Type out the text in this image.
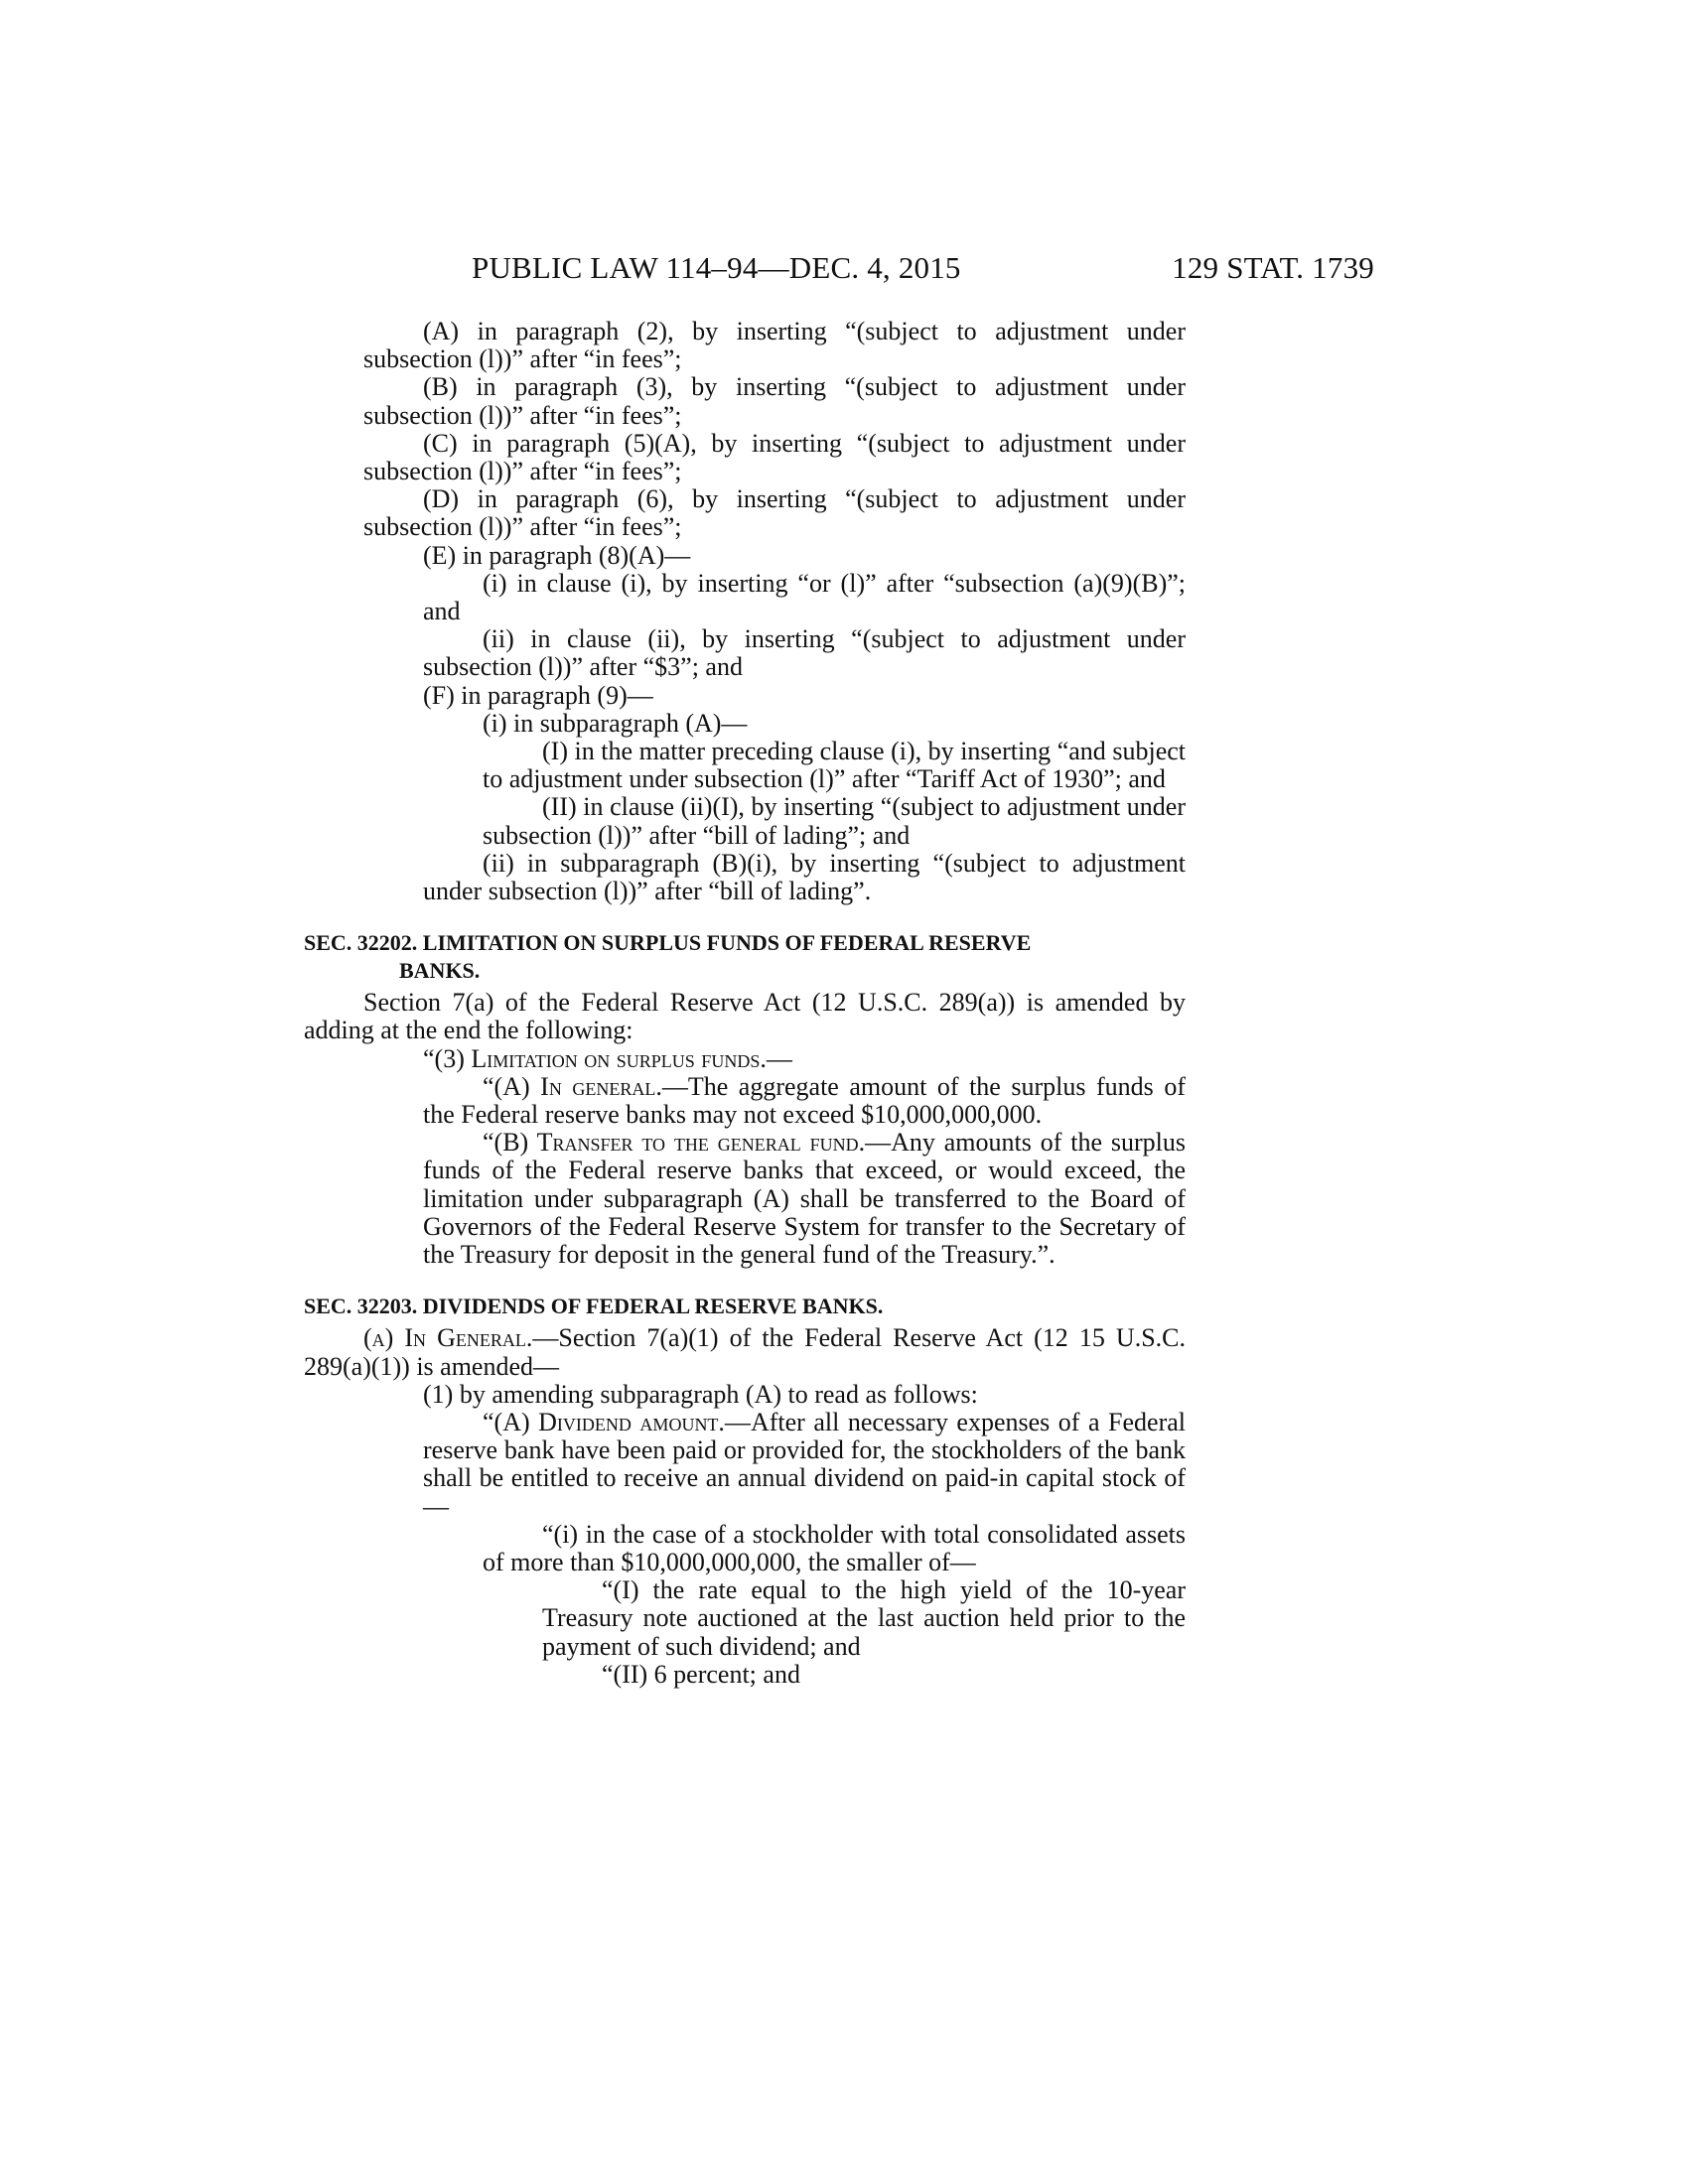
PUBLIC LAW 114–94—DEC. 4, 2015	129 STAT. 1739

(A) in paragraph (2), by inserting “(subject to adjustment under subsection (l))” after “in fees”;

(B) in paragraph (3), by inserting “(subject to adjustment under subsection (l))” after “in fees”;

(C) in paragraph (5)(A), by inserting “(subject to adjustment under subsection (l))” after “in fees”;

(D) in paragraph (6), by inserting “(subject to adjustment under subsection (l))” after “in fees”;

(E) in paragraph (8)(A)—

(i) in clause (i), by inserting “or (l)” after “subsection (a)(9)(B)”; and

(ii) in clause (ii), by inserting “(subject to adjustment under subsection (l))” after “$3”; and

(F) in paragraph (9)—

(i) in subparagraph (A)—

(I) in the matter preceding clause (i), by inserting “and subject to adjustment under subsection (l)” after “Tariff Act of 1930”; and

(II) in clause (ii)(I), by inserting “(subject to adjustment under subsection (l))” after “bill of lading”; and

(ii) in subparagraph (B)(i), by inserting “(subject to adjustment under subsection (l))” after “bill of lading”.

SEC. 32202. LIMITATION ON SURPLUS FUNDS OF FEDERAL RESERVE
BANKS.

Section 7(a) of the Federal Reserve Act (12 U.S.C. 289(a)) is amended by adding at the end the following:

“(3) Limitation on surplus funds.—

“(A) In general.—The aggregate amount of the surplus funds of the Federal reserve banks may not exceed $10,000,000,000.

“(B) Transfer to the general fund.—Any amounts of the surplus funds of the Federal reserve banks that exceed, or would exceed, the limitation under subparagraph (A) shall be transferred to the Board of Governors of the Federal Reserve System for transfer to the Secretary of the Treasury for deposit in the general fund of the Treasury.”.

SEC. 32203. DIVIDENDS OF FEDERAL RESERVE BANKS.

(a) In General.—Section 7(a)(1) of the Federal Reserve Act (12 15 U.S.C. 289(a)(1)) is amended—

(1) by amending subparagraph (A) to read as follows:

“(A) Dividend amount.—After all necessary expenses of a Federal reserve bank have been paid or provided for, the stockholders of the bank shall be entitled to receive an annual dividend on paid-in capital stock of—

“(i) in the case of a stockholder with total consolidated assets of more than $10,000,000,000, the smaller of—

“(I) the rate equal to the high yield of the 10-year Treasury note auctioned at the last auction held prior to the payment of such dividend; and

“(II) 6 percent; and
